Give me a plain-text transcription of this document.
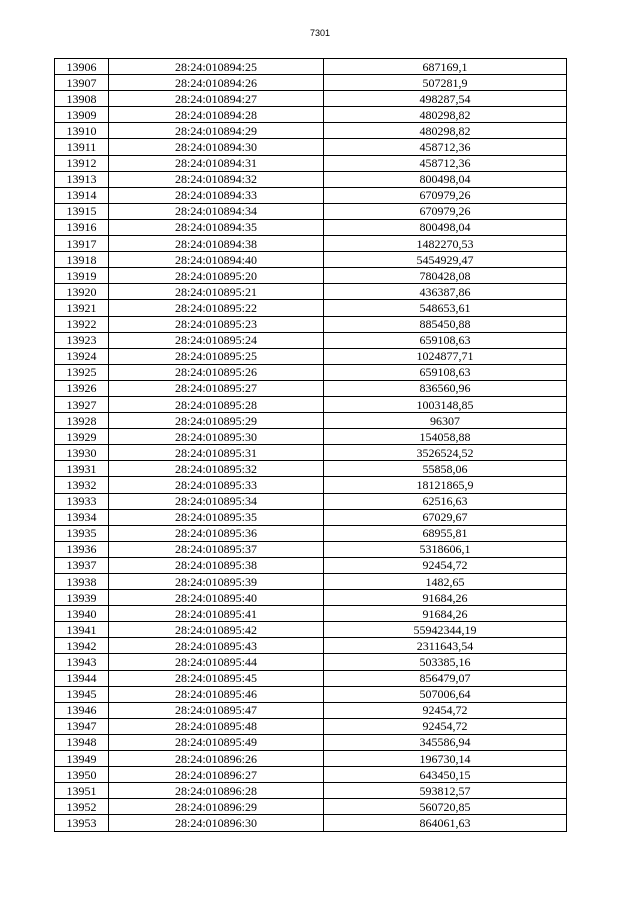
7301
13906	28:24:010894:25	687169,1
13907	28:24:010894:26	507281,9
13908	28:24:010894:27	498287,54
13909	28:24:010894:28	480298,82
13910	28:24:010894:29	480298,82
13911	28:24:010894:30	458712,36
13912	28:24:010894:31	458712,36
13913	28:24:010894:32	800498,04
13914	28:24:010894:33	670979,26
13915	28:24:010894:34	670979,26
13916	28:24:010894:35	800498,04
13917	28:24:010894:38	1482270,53
13918	28:24:010894:40	5454929,47
13919	28:24:010895:20	780428,08
13920	28:24:010895:21	436387,86
13921	28:24:010895:22	548653,61
13922	28:24:010895:23	885450,88
13923	28:24:010895:24	659108,63
13924	28:24:010895:25	1024877,71
13925	28:24:010895:26	659108,63
13926	28:24:010895:27	836560,96
13927	28:24:010895:28	1003148,85
13928	28:24:010895:29	96307
13929	28:24:010895:30	154058,88
13930	28:24:010895:31	3526524,52
13931	28:24:010895:32	55858,06
13932	28:24:010895:33	18121865,9
13933	28:24:010895:34	62516,63
13934	28:24:010895:35	67029,67
13935	28:24:010895:36	68955,81
13936	28:24:010895:37	5318606,1
13937	28:24:010895:38	92454,72
13938	28:24:010895:39	1482,65
13939	28:24:010895:40	91684,26
13940	28:24:010895:41	91684,26
13941	28:24:010895:42	55942344,19
13942	28:24:010895:43	2311643,54
13943	28:24:010895:44	503385,16
13944	28:24:010895:45	856479,07
13945	28:24:010895:46	507006,64
13946	28:24:010895:47	92454,72
13947	28:24:010895:48	92454,72
13948	28:24:010895:49	345586,94
13949	28:24:010896:26	196730,14
13950	28:24:010896:27	643450,15
13951	28:24:010896:28	593812,57
13952	28:24:010896:29	560720,85
13953	28:24:010896:30	864061,63
